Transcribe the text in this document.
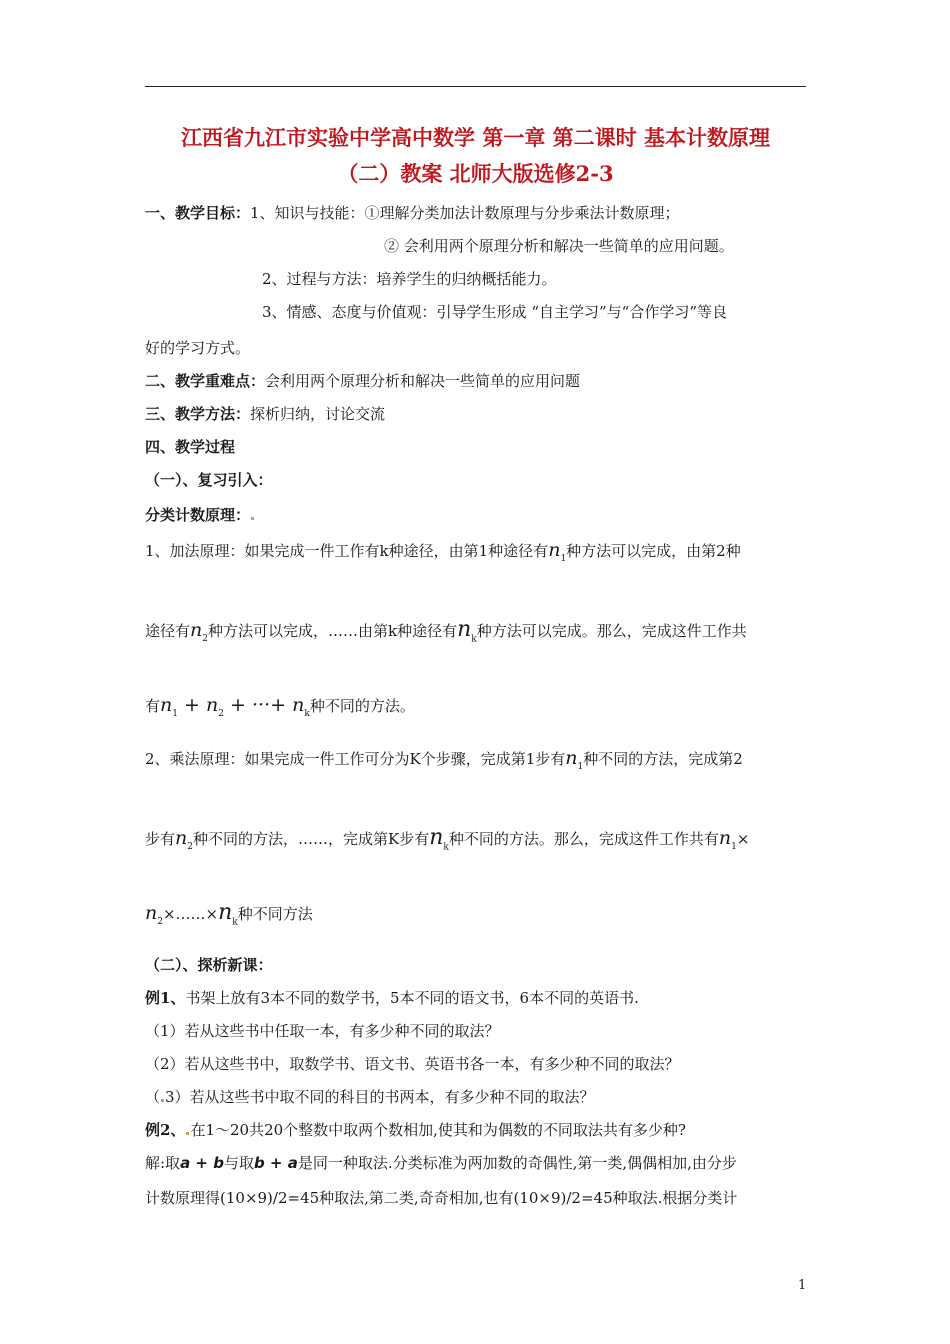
江西省九江市实验中学高中数学 第一章 第二课时 基本计数原理
（二）教案 北师大版选修2-3
一、教学目标：1、知识与技能：①理解分类加法计数原理与分步乘法计数原理；
② 会利用两个原理分析和解决一些简单的应用问题。
2、过程与方法：培养学生的归纳概括能力。
3、情感、态度与价值观：引导学生形成 “自主学习”与“合作学习”等良
好的学习方式。
二、教学重难点：会利用两个原理分析和解决一些简单的应用问题
三、教学方法：探析归纳，讨论交流
四、教学过程
（一）、复习引入：
分类计数原理：
1、加法原理：如果完成一件工作有k种途径，由第1种途径有$n_1$种方法可以完成，由第2种
途径有$n_2$种方法可以完成，……由第k种途径有$n_k$种方法可以完成。那么，完成这件工作共
有$n_1 + n_2$ + ···+ $n_k$种不同的方法。
2、乘法原理：如果完成一件工作可分为K个步骤，完成第1步有$n_1$种不同的方法，完成第2
步有$n_2$种不同的方法，……，完成第K步有$n_k$种不同的方法。那么，完成这件工作共有$n_1\times$
$n_2\times\dots\dots\times n_k$种不同方法
（二）、探析新课：
例1、书架上放有3本不同的数学书，5本不同的语文书，6本不同的英语书.
（1）若从这些书中任取一本，有多少种不同的取法？
（2）若从这些书中，取数学书、语文书、英语书各一本，有多少种不同的取法？
（ 3）若从这些书中取不同的科目的书两本，有多少种不同的取法？
例2、 在1～20共20个整数中取两个数相加,使其和为偶数的不同取法共有多少种?
解:取a + b与取b + a是同一种取法.分类标准为两加数的奇偶性,第一类,偶偶相加,由分步
计数原理得(10×9)/2=45种取法,第二类,奇奇相加,也有(10×9)/2=45种取法.根据分类计
1
